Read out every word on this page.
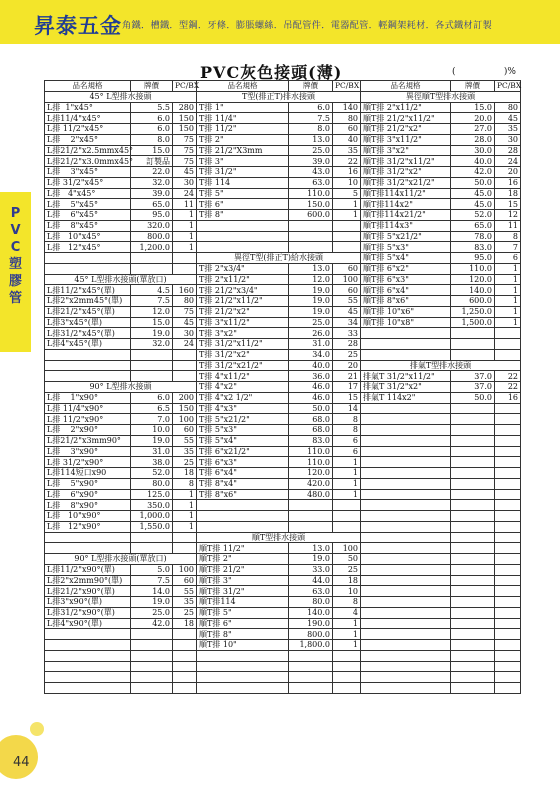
昇泰五金 角鐵．槽鐵．型鋼．牙條．膨脹螺絲．吊配管件．電器配管．輕鋼架耗材．各式鐵材訂製
P
V
C
塑
膠
管
PVC灰色接頭(薄)	(	)%
品名規格	牌價	PC/BX
45° L型排水接頭		
L排  1"x45°	5.5	280
L排11/4"x45°	6.0	150
L排 11/2"x45°	6.0	150
L排    2"x45°	8.0	75
L排21/2"x2.5mmx45°	15.0	75
L排21/2"x3.0mmx45°	訂製品	75
L排    3"x45°	22.0	45
L排 31/2"x45°	32.0	30
L排   4"x45°	39.0	24
L排    5"x45°	65.0	11
L排    6"x45°	95.0	1
L排    8"x45°	320.0	1
L排   10"x45°	800.0	1
L排   12"x45°	1,200.0	1

45° L型排水接頭(單放口)		
L排11/2"x45°(單)	4.5	160
L排2"x2mm45°(單)	7.5	80
L排21/2"x45°(單)	12.0	75
L排3"x45°(單)	15.0	45
L排31/2"x45°(單)	19.0	30
L排4"x45°(單)	32.0	24

90° L型排水接頭		
L排    1"x90°	6.0	200
L排 11/4"x90°	6.5	150
L排 11/2"x90°	7.0	100
L排    2"x90°	10.0	60
L排21/2"x3mm90°	19.0	55
L排    3"x90°	31.0	35
L排 31/2"x90°	38.0	25
L排114短口x90	52.0	18
L排    5"x90°	80.0	8
L排    6"x90°	125.0	1
L排    8"x90°	350.0	1
L排   10"x90°	1,000.0	1
L排   12"x90°	1,550.0	1

90° L型排水接頭(單放口)		
L排11/2"x90°(單)	5.0	100
L排2"x2mm90°(單)	7.5	60
L排21/2"x90°(單)	14.0	55
L排3"x90°(單)	19.0	35
L排31/2"x90°(單)	25.0	25
L排4"x90°(單)	42.0	18

品名規格	牌價	PC/BX
T型(排正T)排水接頭		
T排 1"	6.0	140
T排 11/4"	7.5	80
T排 11/2"	8.0	60
T排 2"	13.0	40
T排 21/2"X3mm	25.0	35
T排 3"	39.0	22
T排 31/2"	43.0	16
T排 114	63.0	10
T排 5"	110.0	5
T排 6"	150.0	1
T排 8"	600.0	1

異徑T型(排正T)給水接頭		
T排 2"x3/4"	13.0	60
T排 2"x11/2"	12.0	100
T排 21/2"x3/4"	19.0	60
T排 21/2"x11/2"	19.0	55
T排 21/2"x2"	19.0	45
T排 3"x11/2"	25.0	34
T排 3"x2"	26.0	33
T排 31/2"x11/2"	31.0	28
T排 31/2"x2"	34.0	25
T排 31/2"x21/2"	40.0	20
T排 4"x11/2"	36.0	21
T排 4"x2"	46.0	17
T排 4"x2 1/2"	46.0	15
T排 4"x3"	50.0	14
T排 5"x21/2"	68.0	8
T排 5"x3"	68.0	8
T排 5"x4"	83.0	6
T排 6"x21/2"	110.0	6
T排 6"x3"	110.0	1
T排 6"x4"	120.0	1
T排 8"x4"	420.0	1
T排 8"x6"	480.0	1

順T型排水接頭		
順T排 11/2"	13.0	100
順T排 2"	19.0	50
順T排 21/2"	33.0	25
順T排 3"	44.0	18
順T排 31/2"	63.0	10
順T排114	80.0	8
順T排 5"	140.0	4
順T排 6"	190.0	1
順T排 8"	800.0	1
順T排 10"	1,800.0	1

品名規格	牌價	PC/BX
異徑順T型排水接頭		
順T排 2"x11/2"	15.0	80
順T排 21/2"x11/2"	20.0	45
順T排 21/2"x2"	27.0	35
順T排 3"x11/2"	28.0	30
順T排 3"x2"	30.0	28
順T排 31/2"x11/2"	40.0	24
順T排 31/2"x2"	42.0	20
順T排 31/2"x21/2"	50.0	16
順T排114x11/2"	45.0	18
順T排114x2"	45.0	15
順T排114x21/2"	52.0	12
順T排114x3"	65.0	11
順T排 5"x21/2"	78.0	8
順T排 5"x3"	83.0	7
順T排 5"x4"	95.0	6
順T排 6"x2"	110.0	1
順T排 6"x3"	120.0	1
順T排 6"x4"	140.0	1
順T排 8"x6"	600.0	1
順T排 10"x6"	1,250.0	1
順T排 10"x8"	1,500.0	1

排氣T型排水接頭		
排氣T 31/2"x11/2"	37.0	22
排氣T 31/2"x2"	37.0	22
排氣T 114x2"	50.0	16

44
